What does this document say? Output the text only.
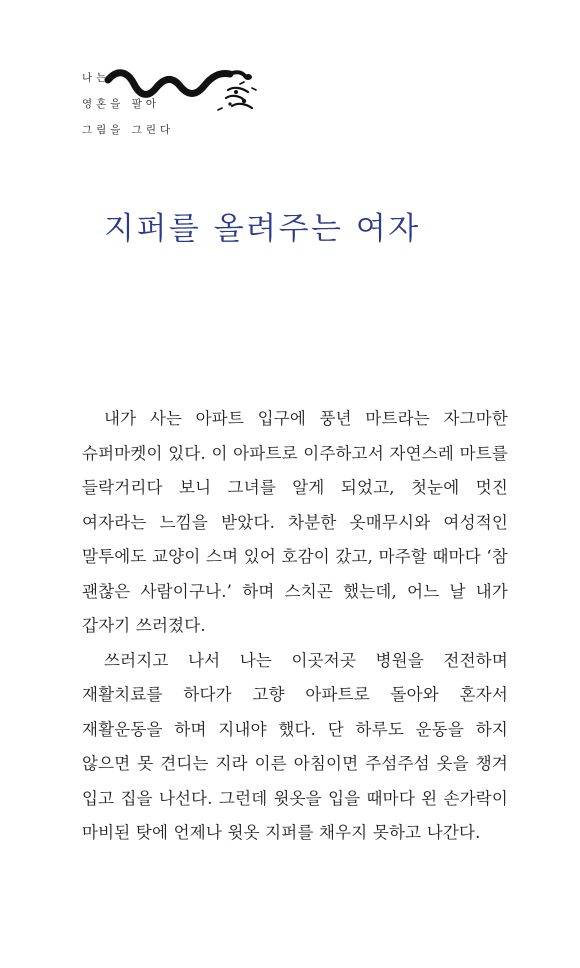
나는
영혼을 팔아
그림을 그린다
지퍼를 올려주는 여자

내가 사는 아파트 입구에 풍년 마트라는 자그마한 슈퍼마켓이 있다. 이 아파트로 이주하고서 자연스레 마트를 들락거리다 보니 그녀를 알게 되었고, 첫눈에 멋진 여자라는 느낌을 받았다. 차분한 옷매무시와 여성적인 말투에도 교양이 스며 있어 호감이 갔고, 마주할 때마다 ‘참 괜찮은 사람이구나.’ 하며 스치곤 했는데, 어느 날 내가 갑자기 쓰러졌다.

쓰러지고 나서 나는 이곳저곳 병원을 전전하며 재활치료를 하다가 고향 아파트로 돌아와 혼자서 재활운동을 하며 지내야 했다. 단 하루도 운동을 하지 않으면 못 견디는 지라 이른 아침이면 주섬주섬 옷을 챙겨 입고 집을 나선다. 그런데 윗옷을 입을 때마다 왼 손가락이 마비된 탓에 언제나 윗옷 지퍼를 채우지 못하고 나간다.
